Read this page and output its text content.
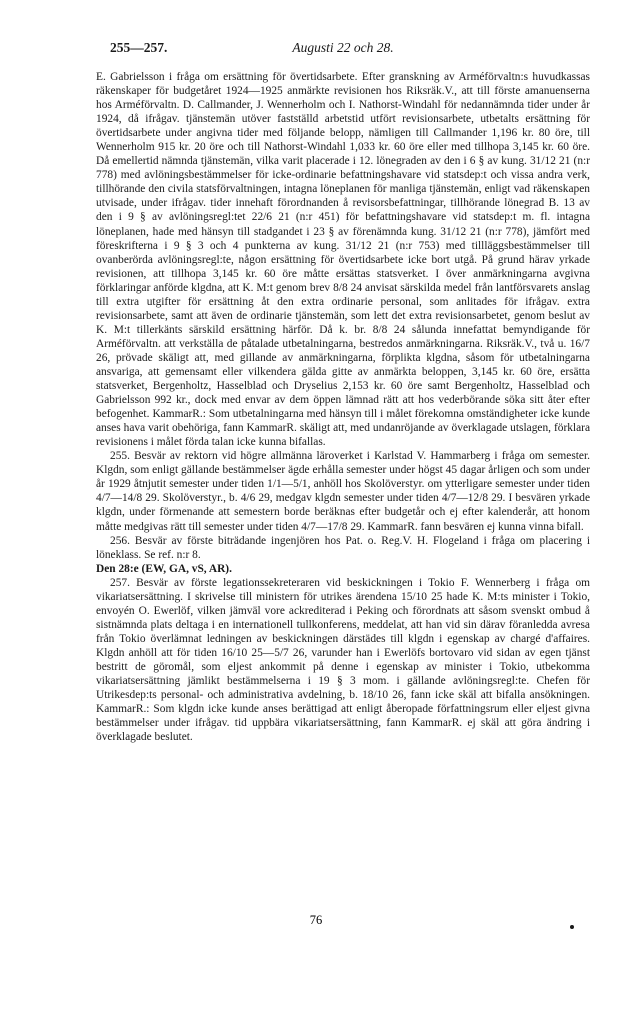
255—257.	Augusti 22 och 28.

E. Gabrielsson i fråga om ersättning för övertidsarbete. Efter granskning av Arméförvaltn:s huvudkassas räkenskaper för budgetåret 1924—1925 anmärkte revisionen hos Riksräk.V., att till förste amanuenserna hos Arméförvaltn. D. Callmander, J. Wennerholm och I. Nathorst-Windahl för nedannämnda tider under år 1924, då ifrågav. tjänstemän utöver fastställd arbetstid utfört revisionsarbete, utbetalts ersättning för övertidsarbete under angivna tider med följande belopp, nämligen till Callmander 1,196 kr. 80 öre, till Wennerholm 915 kr. 20 öre och till Nathorst-Windahl 1,033 kr. 60 öre eller med tillhopa 3,145 kr. 60 öre. Då emellertid nämnda tjänstemän, vilka varit placerade i 12. lönegraden av den i 6 § av kung. 31/12 21 (n:r 778) med avlöningsbestämmelser för icke-ordinarie befattningshavare vid statsdep:t och vissa andra verk, tillhörande den civila statsförvaltningen, intagna löneplanen för manliga tjänstemän, enligt vad räkenskapen utvisade, under ifrågav. tider innehaft förordnanden å revisorsbefattningar, tillhörande lönegrad B. 13 av den i 9 § av avlöningsregl:tet 22/6 21 (n:r 451) för befattningshavare vid statsdep:t m. fl. intagna löneplanen, hade med hänsyn till stadgandet i 23 § av förenämnda kung. 31/12 21 (n:r 778), jämfört med föreskrifterna i 9 § 3 och 4 punkterna av kung. 31/12 21 (n:r 753) med tillläggsbestämmelser till ovanberörda avlöningsregl:te, någon ersättning för övertidsarbete icke bort utgå. På grund härav yrkade revisionen, att tillhopa 3,145 kr. 60 öre måtte ersättas statsverket. I över anmärkningarna avgivna förklaringar anförde klgdna, att K. M:t genom brev 8/8 24 anvisat särskilda medel från lantförsvarets anslag till extra utgifter för ersättning åt den extra ordinarie personal, som anlitades för ifrågav. extra revisionsarbete, samt att även de ordinarie tjänstemän, som lett det extra revisionsarbetet, genom beslut av K. M:t tillerkänts särskild ersättning härför. Då k. br. 8/8 24 sålunda innefattat bemyndigande för Arméförvaltn. att verkställa de påtalade utbetalningarna, bestredos anmärkningarna. Riksräk.V., två u. 16/7 26, prövade skäligt att, med gillande av anmärkningarna, förplikta klgdna, såsom för utbetalningarna ansvariga, att gemensamt eller vilkendera gälda gitte av anmärkta beloppen, 3,145 kr. 60 öre, ersätta statsverket, Bergenholtz, Hasselblad och Dryselius 2,153 kr. 60 öre samt Bergenholtz, Hasselblad och Gabrielsson 992 kr., dock med envar av dem öppen lämnad rätt att hos vederbörande söka sitt åter efter befogenhet. KammarR.: Som utbetalningarna med hänsyn till i målet förekomna omständigheter icke kunde anses hava varit obehöriga, fann KammarR. skäligt att, med undanröjande av överklagade utslagen, förklara revisionens i målet förda talan icke kunna bifallas.

255. Besvär av rektorn vid högre allmänna läroverket i Karlstad V. Hammarberg i fråga om semester. Klgdn, som enligt gällande bestämmelser ägde erhålla semester under högst 45 dagar årligen och som under år 1929 åtnjutit semester under tiden 1/1—5/1, anhöll hos Skolöverstyr. om ytterligare semester under tiden 4/7—14/8 29. Skolöverstyr., b. 4/6 29, medgav klgdn semester under tiden 4/7—12/8 29. I besvären yrkade klgdn, under förmenande att semestern borde beräknas efter budgetår och ej efter kalenderår, att honom måtte medgivas rätt till semester under tiden 4/7—17/8 29. KammarR. fann besvären ej kunna vinna bifall.

256. Besvär av förste biträdande ingenjören hos Pat. o. Reg.V. H. Flogeland i fråga om placering i löneklass. Se ref. n:r 8.

Den 28:e (EW, GA, vS, AR).

257. Besvär av förste legationssekreteraren vid beskickningen i Tokio F. Wennerberg i fråga om vikariatsersättning. I skrivelse till ministern för utrikes ärendena 15/10 25 hade K. M:ts minister i Tokio, envoyén O. Ewerlöf, vilken jämväl vore ackrediterad i Peking och förordnats att såsom svenskt ombud å sistnämnda plats deltaga i en internationell tullkonferens, meddelat, att han vid sin därav föranledda avresa från Tokio överlämnat ledningen av beskickningen därstädes till klgdn i egenskap av chargé d'affaires. Klgdn anhöll att för tiden 16/10 25—5/7 26, varunder han i Ewerlöfs bortovaro vid sidan av egen tjänst bestritt de göromål, som eljest ankommit på denne i egenskap av minister i Tokio, utbekomma vikariatsersättning jämlikt bestämmelserna i 19 § 3 mom. i gällande avlöningsregl:te. Chefen för Utrikesdep:ts personal- och administrativa avdelning, b. 18/10 26, fann icke skäl att bifalla ansökningen. KammarR.: Som klgdn icke kunde anses berättigad att enligt åberopade författningsrum eller eljest givna bestämmelser under ifrågav. tid uppbära vikariatsersättning, fann KammarR. ej skäl att göra ändring i överklagade beslutet.

76
